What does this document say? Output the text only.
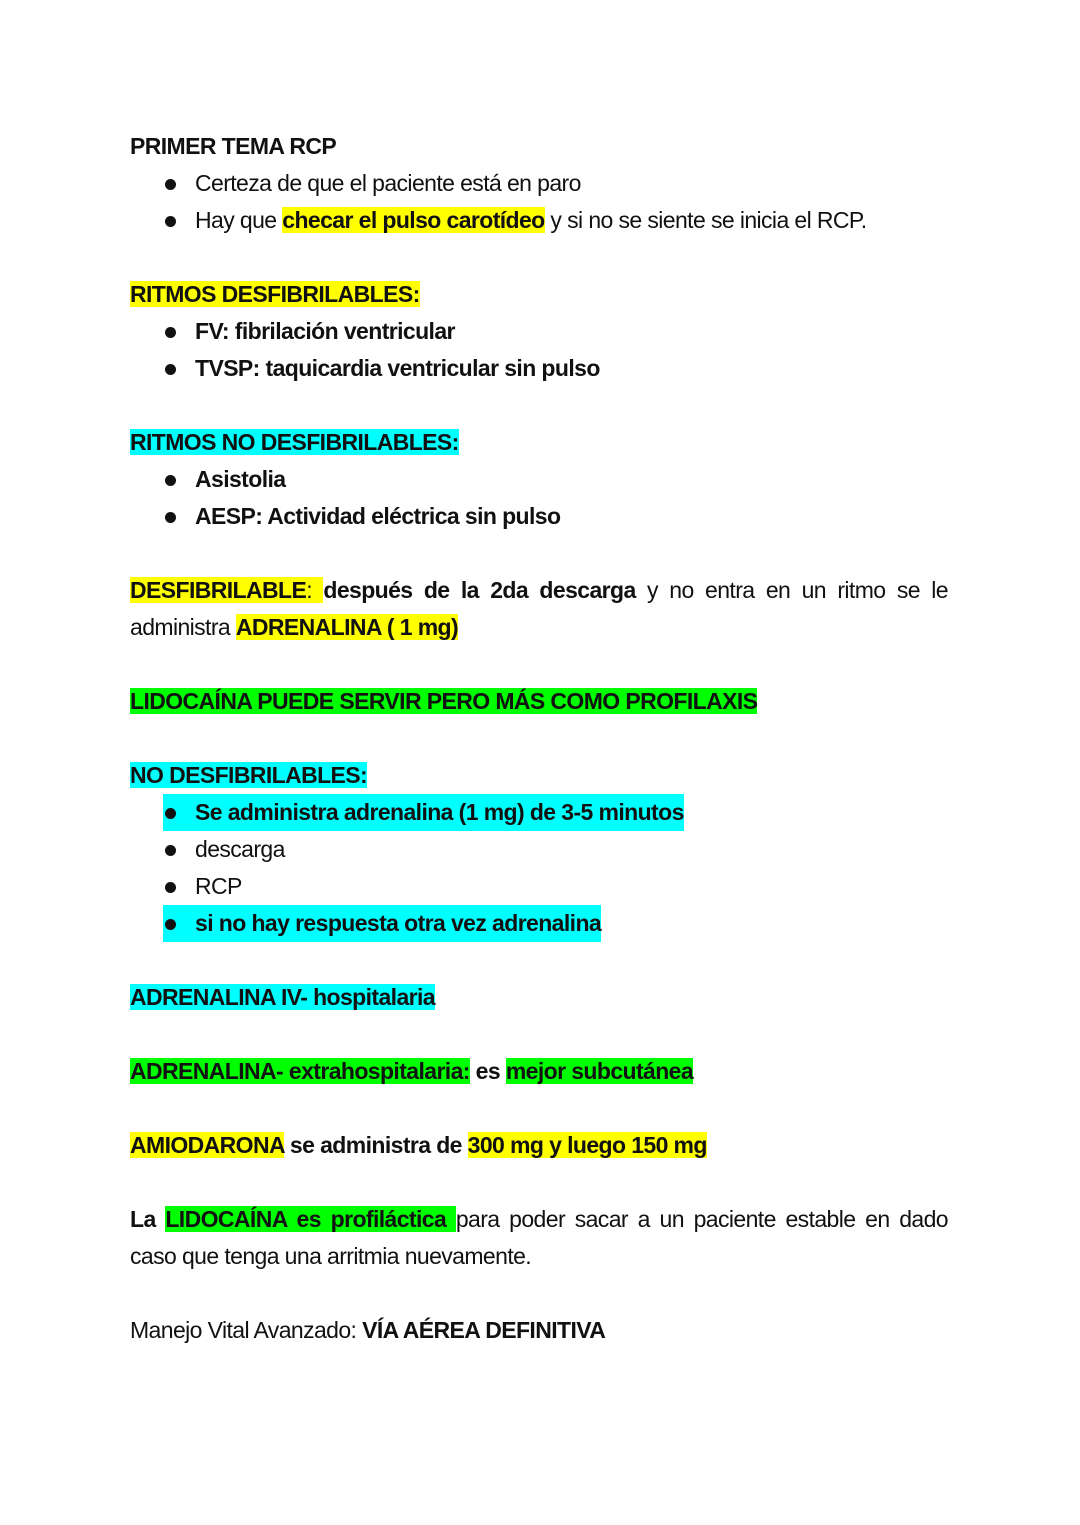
PRIMER TEMA RCP

Certeza de que el paciente está en paro
Hay que checar el pulso carotídeo y si no se siente se inicia el RCP.

RITMOS DESFIBRILABLES:

FV: fibrilación ventricular
TVSP: taquicardia ventricular sin pulso

RITMOS NO DESFIBRILABLES:

Asistolia
AESP: Actividad eléctrica sin pulso

DESFIBRILABLE: después de la 2da descarga y no entra en un ritmo se le administra ADRENALINA ( 1 mg)

LIDOCAÍNA PUEDE SERVIR PERO MÁS COMO PROFILAXIS

NO DESFIBRILABLES:

Se administra adrenalina (1 mg) de 3-5 minutos
descarga
RCP
si no hay respuesta otra vez adrenalina

ADRENALINA IV- hospitalaria

ADRENALINA- extrahospitalaria: es mejor subcutánea

AMIODARONA se administra de 300 mg y luego 150 mg

La LIDOCAÍNA es profiláctica para poder sacar a un paciente estable en dado caso que tenga una arritmia nuevamente.

Manejo Vital Avanzado: VÍA AÉREA DEFINITIVA
